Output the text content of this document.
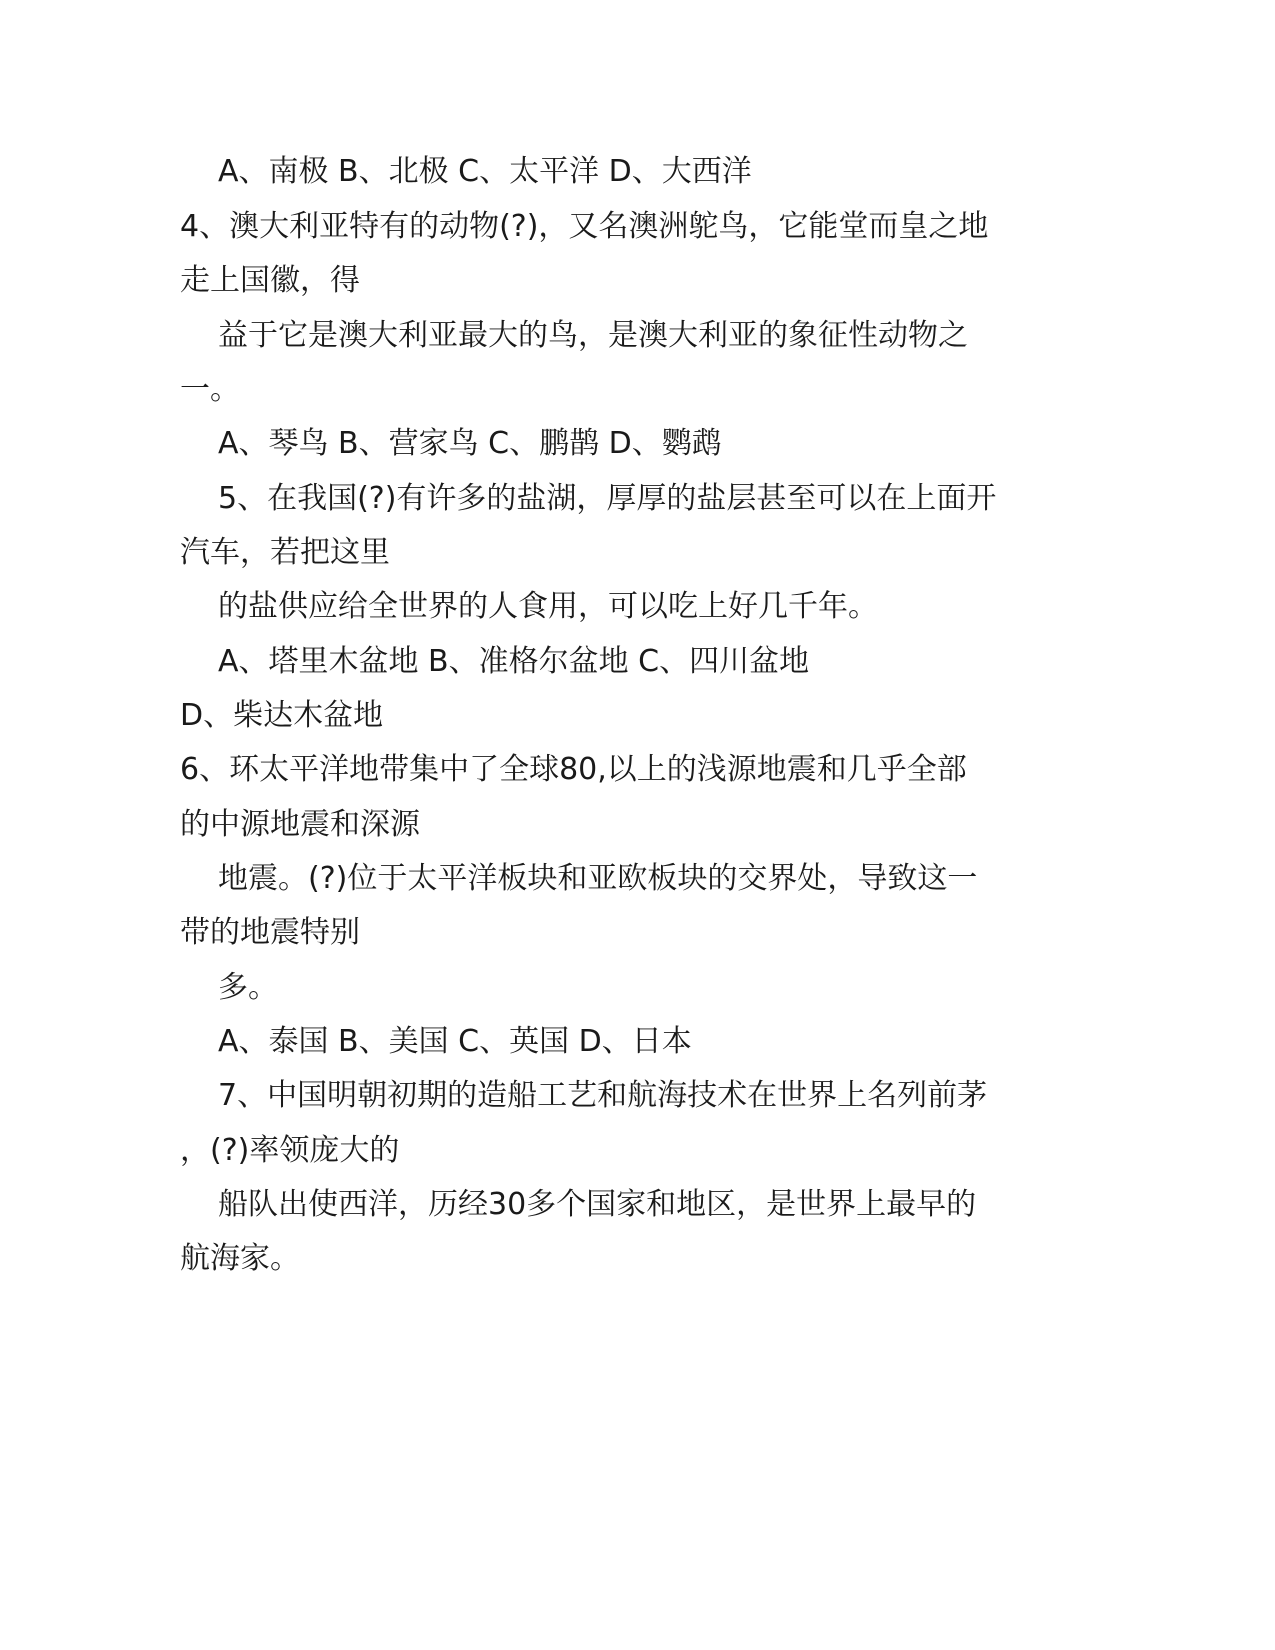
A、南极 B、北极 C、太平洋 D、大西洋
4、澳大利亚特有的动物(?)，又名澳洲鸵鸟，它能堂而皇之地
走上国徽，得
益于它是澳大利亚最大的鸟，是澳大利亚的象征性动物之
一。
A、琴鸟 B、营家鸟 C、鹏鹊 D、鹦鹉
5、在我国(?)有许多的盐湖，厚厚的盐层甚至可以在上面开
汽车，若把这里
的盐供应给全世界的人食用，可以吃上好几千年。
A、塔里木盆地 B、准格尔盆地 C、四川盆地
D、柴达木盆地
6、环太平洋地带集中了全球80,以上的浅源地震和几乎全部
的中源地震和深源
地震。(?)位于太平洋板块和亚欧板块的交界处，导致这一
带的地震特别
多。
A、泰国 B、美国 C、英国 D、日本
7、中国明朝初期的造船工艺和航海技术在世界上名列前茅
，(?)率领庞大的
船队出使西洋，历经30多个国家和地区，是世界上最早的
航海家。
